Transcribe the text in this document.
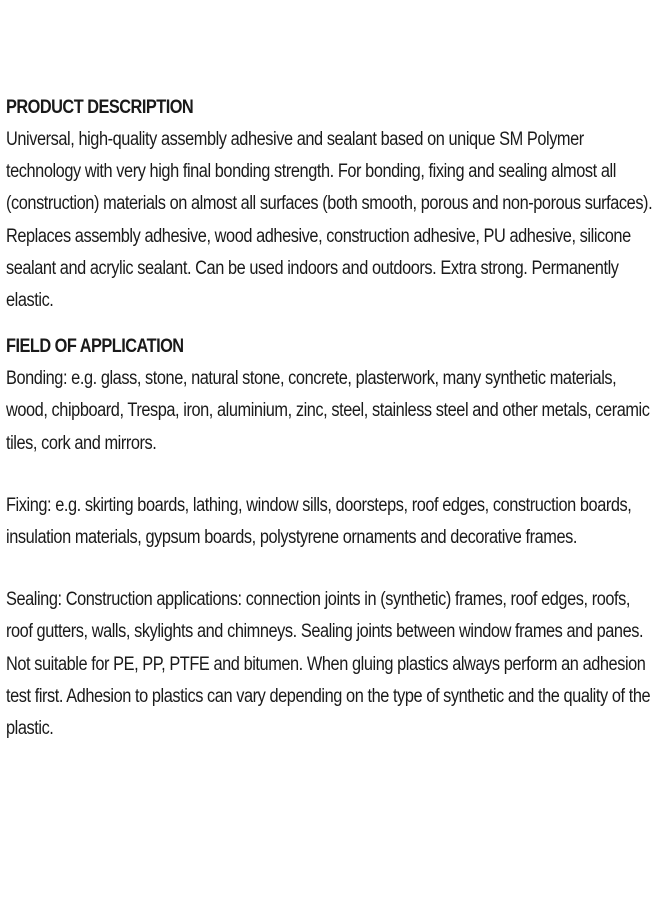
PRODUCT DESCRIPTION

Universal, high-quality assembly adhesive and sealant based on unique SM Polymer technology with very high final bonding strength. For bonding, fixing and sealing almost all (construction) materials on almost all surfaces (both smooth, porous and non-porous surfaces). Replaces assembly adhesive, wood adhesive, construction adhesive, PU adhesive, silicone sealant and acrylic sealant. Can be used indoors and outdoors. Extra strong. Permanently elastic.

FIELD OF APPLICATION

Bonding: e.g. glass, stone, natural stone, concrete, plasterwork, many synthetic materials, wood, chipboard, Trespa, iron, aluminium, zinc, steel, stainless steel and other metals, ceramic tiles, cork and mirrors.

Fixing: e.g. skirting boards, lathing, window sills, doorsteps, roof edges, construction boards, insulation materials, gypsum boards, polystyrene ornaments and decorative frames.

Sealing: Construction applications: connection joints in (synthetic) frames, roof edges, roofs, roof gutters, walls, skylights and chimneys. Sealing joints between window frames and panes. Not suitable for PE, PP, PTFE and bitumen. When gluing plastics always perform an adhesion test first. Adhesion to plastics can vary depending on the type of synthetic and the quality of the plastic.
